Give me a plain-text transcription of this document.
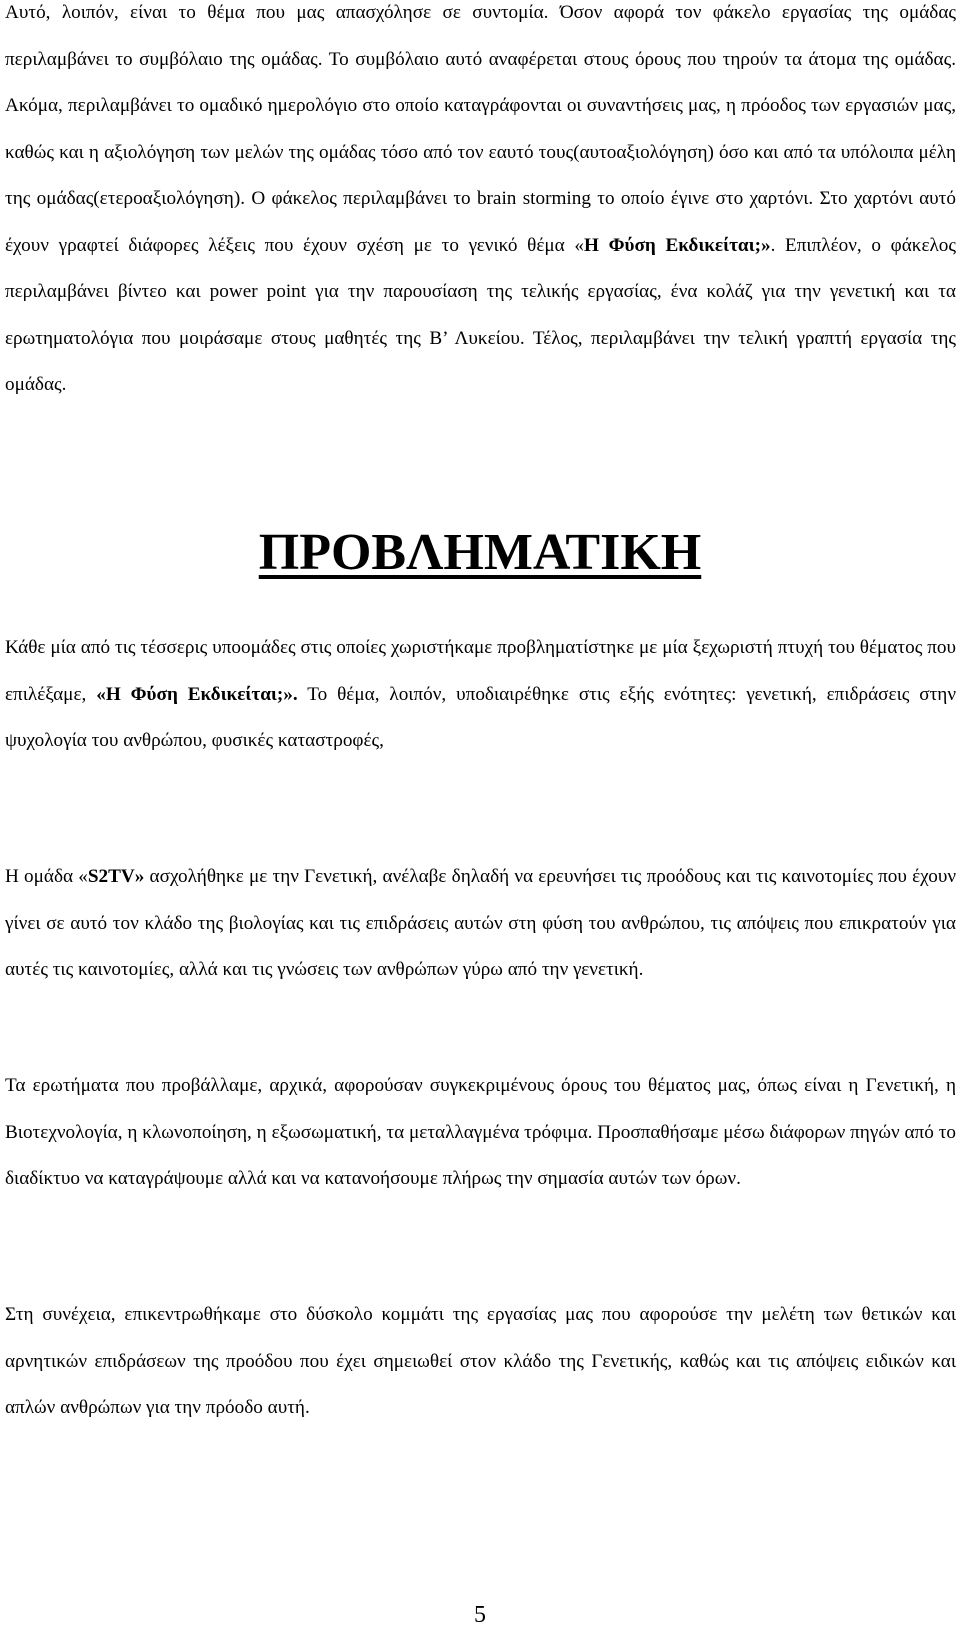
Αυτό, λοιπόν, είναι το θέμα που μας απασχόλησε σε συντομία. Όσον αφορά τον φάκελο εργασίας της ομάδας περιλαμβάνει το συμβόλαιο της ομάδας. Το συμβόλαιο αυτό αναφέρεται στους όρους που τηρούν τα άτομα της ομάδας. Ακόμα, περιλαμβάνει το ομαδικό ημερολόγιο στο οποίο καταγράφονται οι συναντήσεις μας, η πρόοδος των εργασιών μας, καθώς και η αξιολόγηση των μελών της ομάδας τόσο από τον εαυτό τους(αυτοαξιολόγηση) όσο και από τα υπόλοιπα μέλη της ομάδας(ετεροαξιολόγηση). Ο φάκελος περιλαμβάνει το brain storming το οποίο έγινε στο χαρτόνι. Στο χαρτόνι αυτό έχουν γραφτεί διάφορες λέξεις που έχουν σχέση με το γενικό θέμα «Η Φύση Εκδικείται;». Επιπλέον, ο φάκελος περιλαμβάνει βίντεο και power point για την παρουσίαση της τελικής εργασίας, ένα κολάζ για την γενετική και τα ερωτηματολόγια που μοιράσαμε στους μαθητές της Β’ Λυκείου. Τέλος, περιλαμβάνει την τελική γραπτή εργασία της ομάδας.

ΠΡΟΒΛΗΜΑΤΙΚΗ

Κάθε μία από τις τέσσερις υποομάδες στις οποίες χωριστήκαμε προβληματίστηκε με μία ξεχωριστή πτυχή του θέματος που επιλέξαμε, «Η Φύση Εκδικείται;». Το θέμα, λοιπόν, υποδιαιρέθηκε στις εξής ενότητες: γενετική, επιδράσεις στην ψυχολογία του ανθρώπου, φυσικές καταστροφές,

Η ομάδα «S2TV» ασχολήθηκε με την Γενετική, ανέλαβε δηλαδή να ερευνήσει τις προόδους και τις καινοτομίες που έχουν γίνει σε αυτό τον κλάδο της βιολογίας και τις επιδράσεις αυτών στη φύση του ανθρώπου, τις απόψεις που επικρατούν για αυτές τις καινοτομίες, αλλά και τις γνώσεις των ανθρώπων γύρω από την γενετική.

Τα ερωτήματα που προβάλλαμε, αρχικά, αφορούσαν συγκεκριμένους όρους του θέματος μας, όπως είναι η Γενετική, η Βιοτεχνολογία, η κλωνοποίηση, η εξωσωματική, τα μεταλλαγμένα τρόφιμα. Προσπαθήσαμε μέσω διάφορων πηγών από το διαδίκτυο να καταγράψουμε αλλά και να κατανοήσουμε πλήρως την σημασία αυτών των όρων.

Στη συνέχεια, επικεντρωθήκαμε στο δύσκολο κομμάτι της εργασίας μας που αφορούσε την μελέτη των θετικών και αρνητικών επιδράσεων της προόδου που έχει σημειωθεί στον κλάδο της Γενετικής, καθώς και τις απόψεις ειδικών και απλών ανθρώπων για την πρόοδο αυτή.

5
